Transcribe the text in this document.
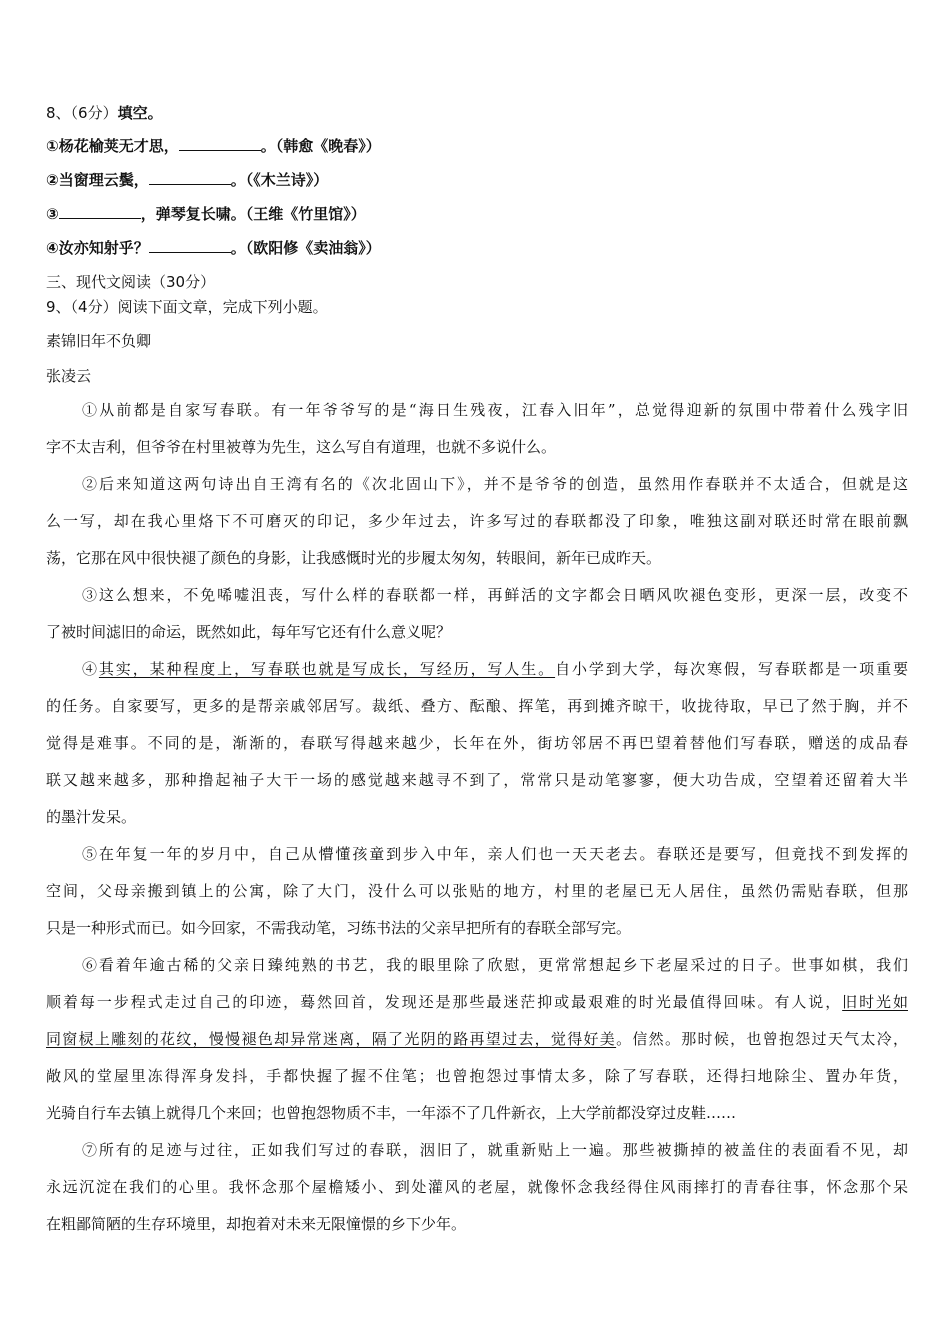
8、（6分）填空。
①杨花榆荚无才思，	。（韩愈《晚春》）
②当窗理云鬓，	。（《木兰诗》）
③	，弹琴复长啸。（王维《竹里馆》）
④汝亦知射乎？	。（欧阳修《卖油翁》）
三、现代文阅读（30分）
9、（4分）阅读下面文章，完成下列小题。
素锦旧年不负卿
张凌云
①从前都是自家写春联。有一年爷爷写的是“海日生残夜，江春入旧年”，总觉得迎新的氛围中带着什么残字旧
字不太吉利，但爷爷在村里被尊为先生，这么写自有道理，也就不多说什么。
②后来知道这两句诗出自王湾有名的《次北固山下》，并不是爷爷的创造，虽然用作春联并不太适合，但就是这
么一写，却在我心里烙下不可磨灭的印记，多少年过去，许多写过的春联都没了印象，唯独这副对联还时常在眼前飘
荡，它那在风中很快褪了颜色的身影，让我感慨时光的步履太匆匆，转眼间，新年已成昨天。
③这么想来，不免唏嘘沮丧，写什么样的春联都一样，再鲜活的文字都会日晒风吹褪色变形，更深一层，改变不
了被时间滤旧的命运，既然如此，每年写它还有什么意义呢？
④其实，某种程度上，写春联也就是写成长，写经历，写人生。自小学到大学，每次寒假，写春联都是一项重要
的任务。自家要写，更多的是帮亲戚邻居写。裁纸、叠方、酝酿、挥笔，再到摊齐晾干，收拢待取，早已了然于胸，并不
觉得是难事。不同的是，渐渐的，春联写得越来越少，长年在外，街坊邻居不再巴望着替他们写春联，赠送的成品春
联又越来越多，那种撸起袖子大干一场的感觉越来越寻不到了，常常只是动笔寥寥，便大功告成，空望着还留着大半
的墨汁发呆。
⑤在年复一年的岁月中，自己从懵懂孩童到步入中年，亲人们也一天天老去。春联还是要写，但竟找不到发挥的
空间，父母亲搬到镇上的公寓，除了大门，没什么可以张贴的地方，村里的老屋已无人居住，虽然仍需贴春联，但那
只是一种形式而已。如今回家，不需我动笔，习练书法的父亲早把所有的春联全部写完。
⑥看着年逾古稀的父亲日臻纯熟的书艺，我的眼里除了欣慰，更常常想起乡下老屋采过的日子。世事如棋，我们
顺着每一步程式走过自己的印迹，蓦然回首，发现还是那些最迷茫抑或最艰难的时光最值得回味。有人说，旧时光如
同窗棂上雕刻的花纹，慢慢褪色却异常迷离，隔了光阴的路再望过去，觉得好美。信然。那时候，也曾抱怨过天气太冷，
敞风的堂屋里冻得浑身发抖，手都快握了握不住笔；也曾抱怨过事情太多，除了写春联，还得扫地除尘、置办年货，
光骑自行车去镇上就得几个来回；也曾抱怨物质不丰，一年添不了几件新衣，上大学前都没穿过皮鞋……
⑦所有的足迹与过往，正如我们写过的春联，洇旧了，就重新贴上一遍。那些被撕掉的被盖住的表面看不见，却
永远沉淀在我们的心里。我怀念那个屋檐矮小、到处灌风的老屋，就像怀念我经得住风雨摔打的青春往事，怀念那个呆
在粗鄙简陋的生存环境里，却抱着对未来无限憧憬的乡下少年。
